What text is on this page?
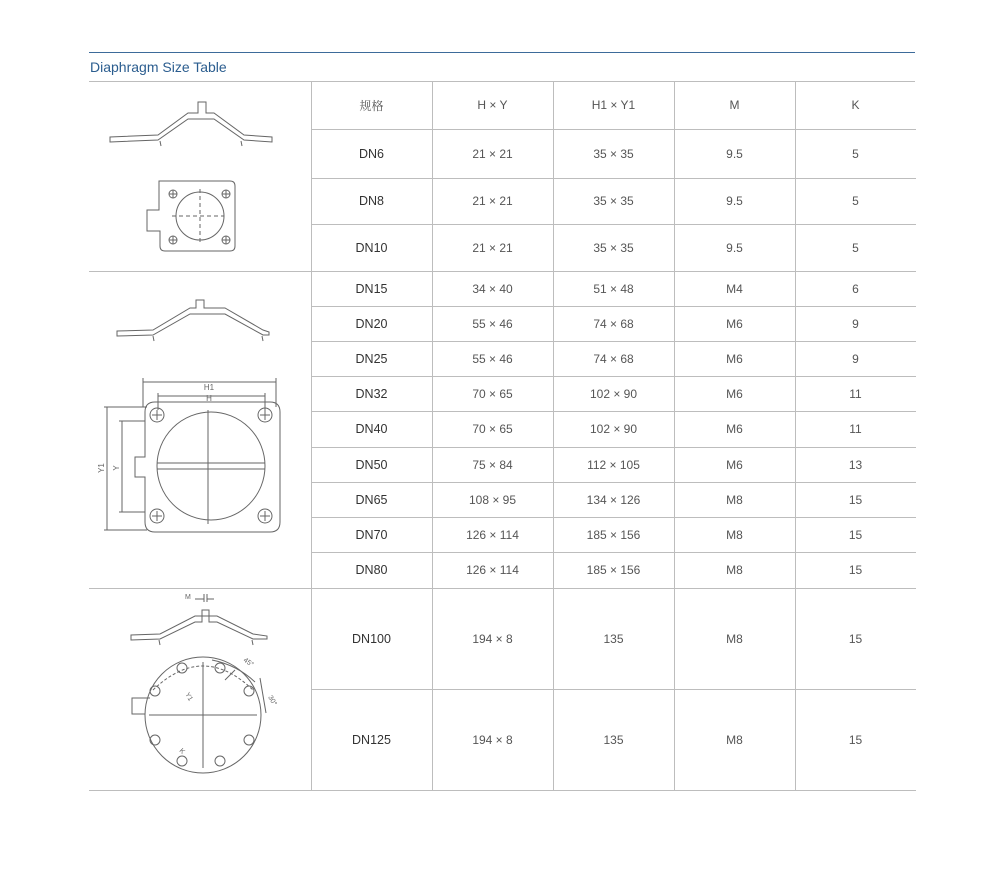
Diaphragm Size Table
规格	H × Y	H1 × Y1	M	K
DN6	21 × 21	35 × 35	9.5	5
DN8	21 × 21	35 × 35	9.5	5
DN10	21 × 21	35 × 35	9.5	5
DN15	34 × 40	51 × 48	M4	6
DN20	55 × 46	74 × 68	M6	9
DN25	55 × 46	74 × 68	M6	9
DN32	70 × 65	102 × 90	M6	11
DN40	70 × 65	102 × 90	M6	11
DN50	75 × 84	112 × 105	M6	13
DN65	108 × 95	134 × 126	M8	15
DN70	126 × 114	185 × 156	M8	15
DN80	126 × 114	185 × 156	M8	15
DN100	194 × 8	135	M8	15
DN125	194 × 8	135	M8	15
H1
H
Y1 Y
M
Y1
K
45°
30°
